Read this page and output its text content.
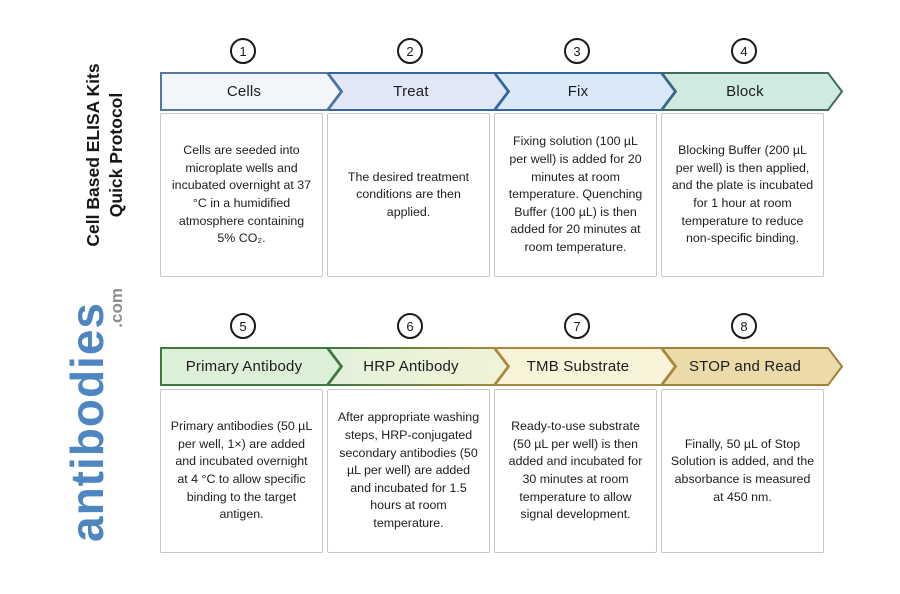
Cell Based ELISA Kits Quick Protocol
antibodies
.com
1
Cells
Cells are seeded into microplate wells and incubated overnight at 37 °C in a humidified atmosphere containing 5% CO₂.
2
Treat
The desired treatment conditions are then applied.
3
Fix
Fixing solution (100 µL per well) is added for 20 minutes at room temperature. Quenching Buffer (100 µL) is then added for 20 minutes at room temperature.
4
Block
Blocking Buffer (200 µL per well) is then applied, and the plate is incubated for 1 hour at room temperature to reduce non-specific binding.
5
Primary Antibody
Primary antibodies (50 µL per well, 1×) are added and incubated overnight at 4 °C to allow specific binding to the target antigen.
6
HRP Antibody
After appropriate washing steps, HRP-conjugated secondary antibodies (50 µL per well) are added and incubated for 1.5 hours at room temperature.
7
TMB Substrate
Ready-to-use substrate (50 µL per well) is then added and incubated for 30 minutes at room temperature to allow signal development.
8
STOP and Read
Finally, 50 µL of Stop Solution is added, and the absorbance is measured at 450 nm.
